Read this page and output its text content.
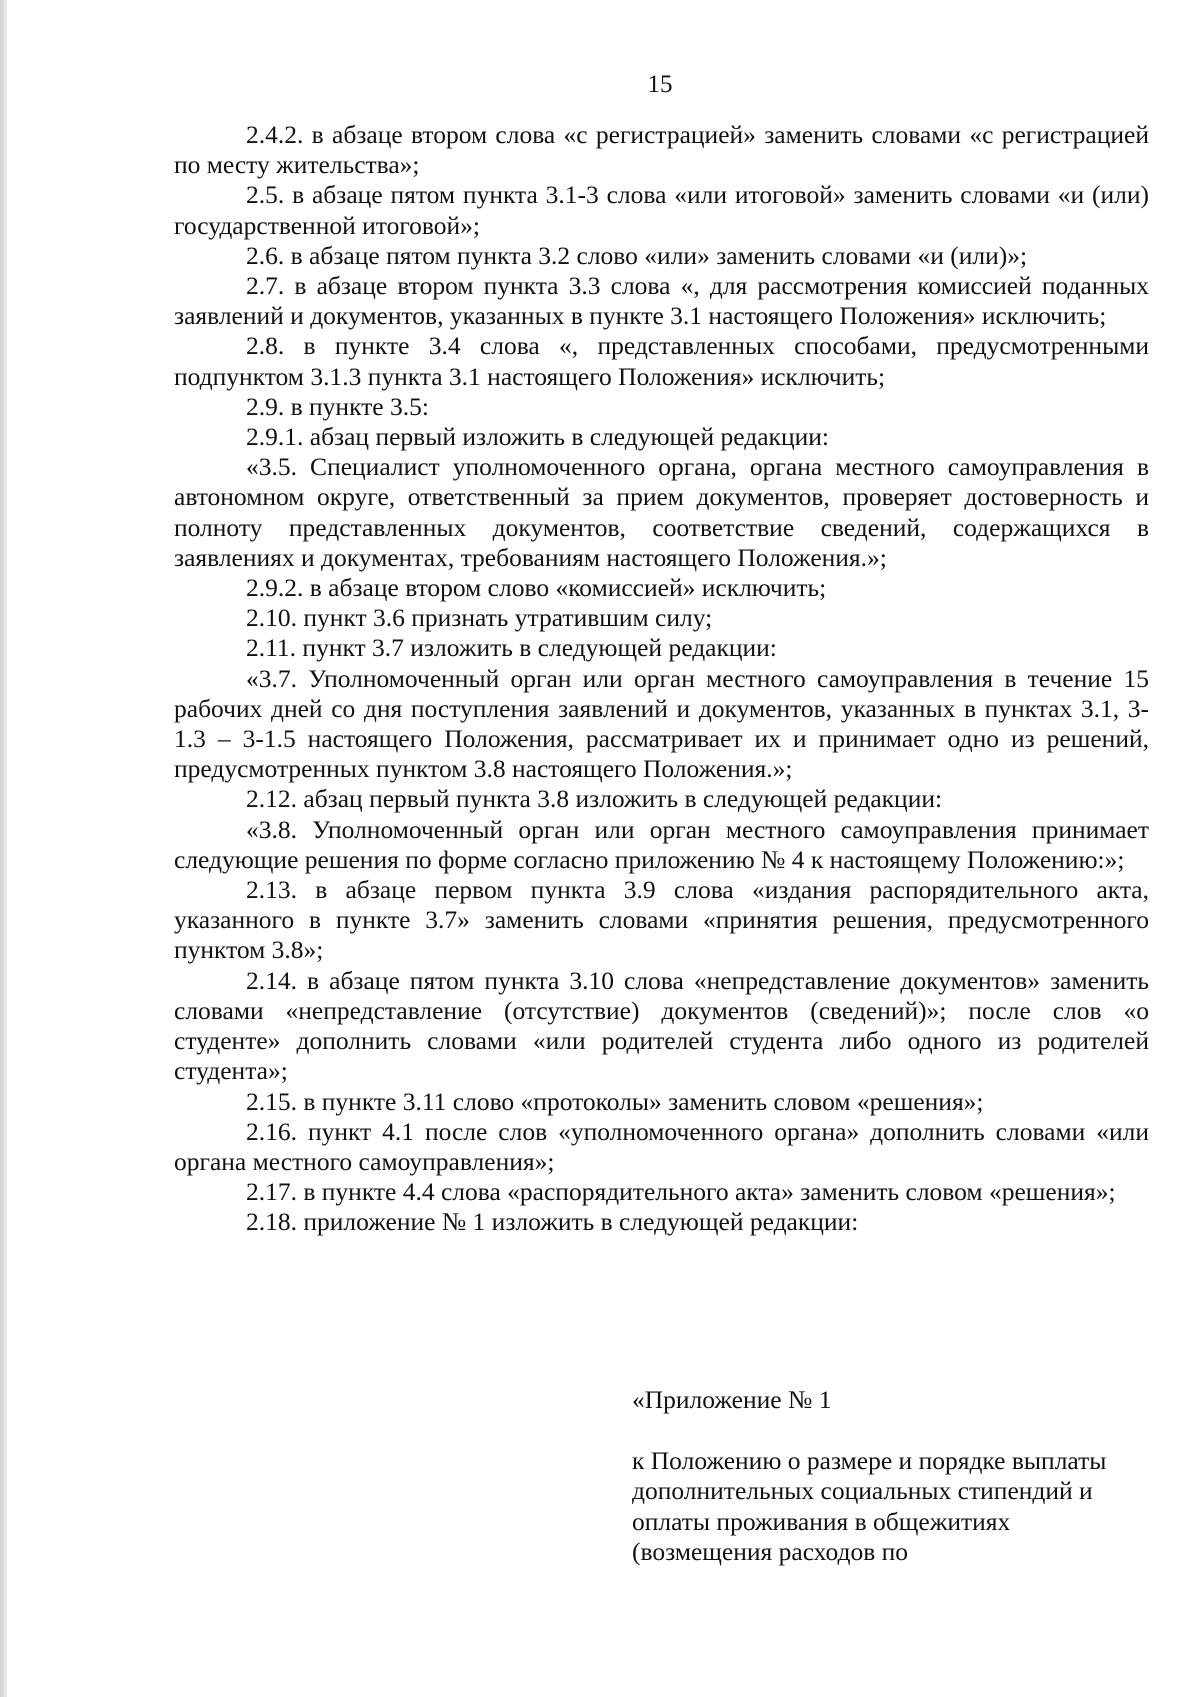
15

2.4.2. в абзаце втором слова «с регистрацией» заменить словами «с регистрацией по месту жительства»;

2.5. в абзаце пятом пункта 3.1-3 слова «или итоговой» заменить словами «и (или) государственной итоговой»;

2.6. в абзаце пятом пункта 3.2 слово «или» заменить словами «и (или)»;

2.7. в абзаце втором пункта 3.3 слова «, для рассмотрения комиссией поданных заявлений и документов, указанных в пункте 3.1 настоящего Положения» исключить;

2.8. в пункте 3.4 слова «, представленных способами, предусмотренными подпунктом 3.1.3 пункта 3.1 настоящего Положения» исключить;

2.9. в пункте 3.5:

2.9.1. абзац первый изложить в следующей редакции:

«3.5. Специалист уполномоченного органа, органа местного самоуправления в автономном округе, ответственный за прием документов, проверяет достоверность и полноту представленных документов, соответствие сведений, содержащихся в заявлениях и документах, требованиям настоящего Положения.»;

2.9.2. в абзаце втором слово «комиссией» исключить;

2.10. пункт 3.6 признать утратившим силу;

2.11. пункт 3.7 изложить в следующей редакции:

«3.7. Уполномоченный орган или орган местного самоуправления в течение 15 рабочих дней со дня поступления заявлений и документов, указанных в пунктах 3.1, 3-1.3 – 3-1.5 настоящего Положения, рассматривает их и принимает одно из решений, предусмотренных пунктом 3.8 настоящего Положения.»;

2.12. абзац первый пункта 3.8 изложить в следующей редакции:

«3.8. Уполномоченный орган или орган местного самоуправления принимает следующие решения по форме согласно приложению № 4 к настоящему Положению:»;

2.13. в абзаце первом пункта 3.9 слова «издания распорядительного акта, указанного в пункте 3.7» заменить словами «принятия решения, предусмотренного пунктом 3.8»;

2.14. в абзаце пятом пункта 3.10 слова «непредставление документов» заменить словами «непредставление (отсутствие) документов (сведений)»; после слов «о студенте» дополнить словами «или родителей студента либо одного из родителей студента»;

2.15. в пункте 3.11 слово «протоколы» заменить словом «решения»;

2.16. пункт 4.1 после слов «уполномоченного органа» дополнить словами «или органа местного самоуправления»;

2.17. в пункте 4.4 слова «распорядительного акта» заменить словом «решения»;

2.18. приложение № 1 изложить в следующей редакции:

«Приложение № 1

к Положению о размере и порядке выплаты дополнительных социальных стипендий и оплаты проживания в общежитиях (возмещения расходов по
